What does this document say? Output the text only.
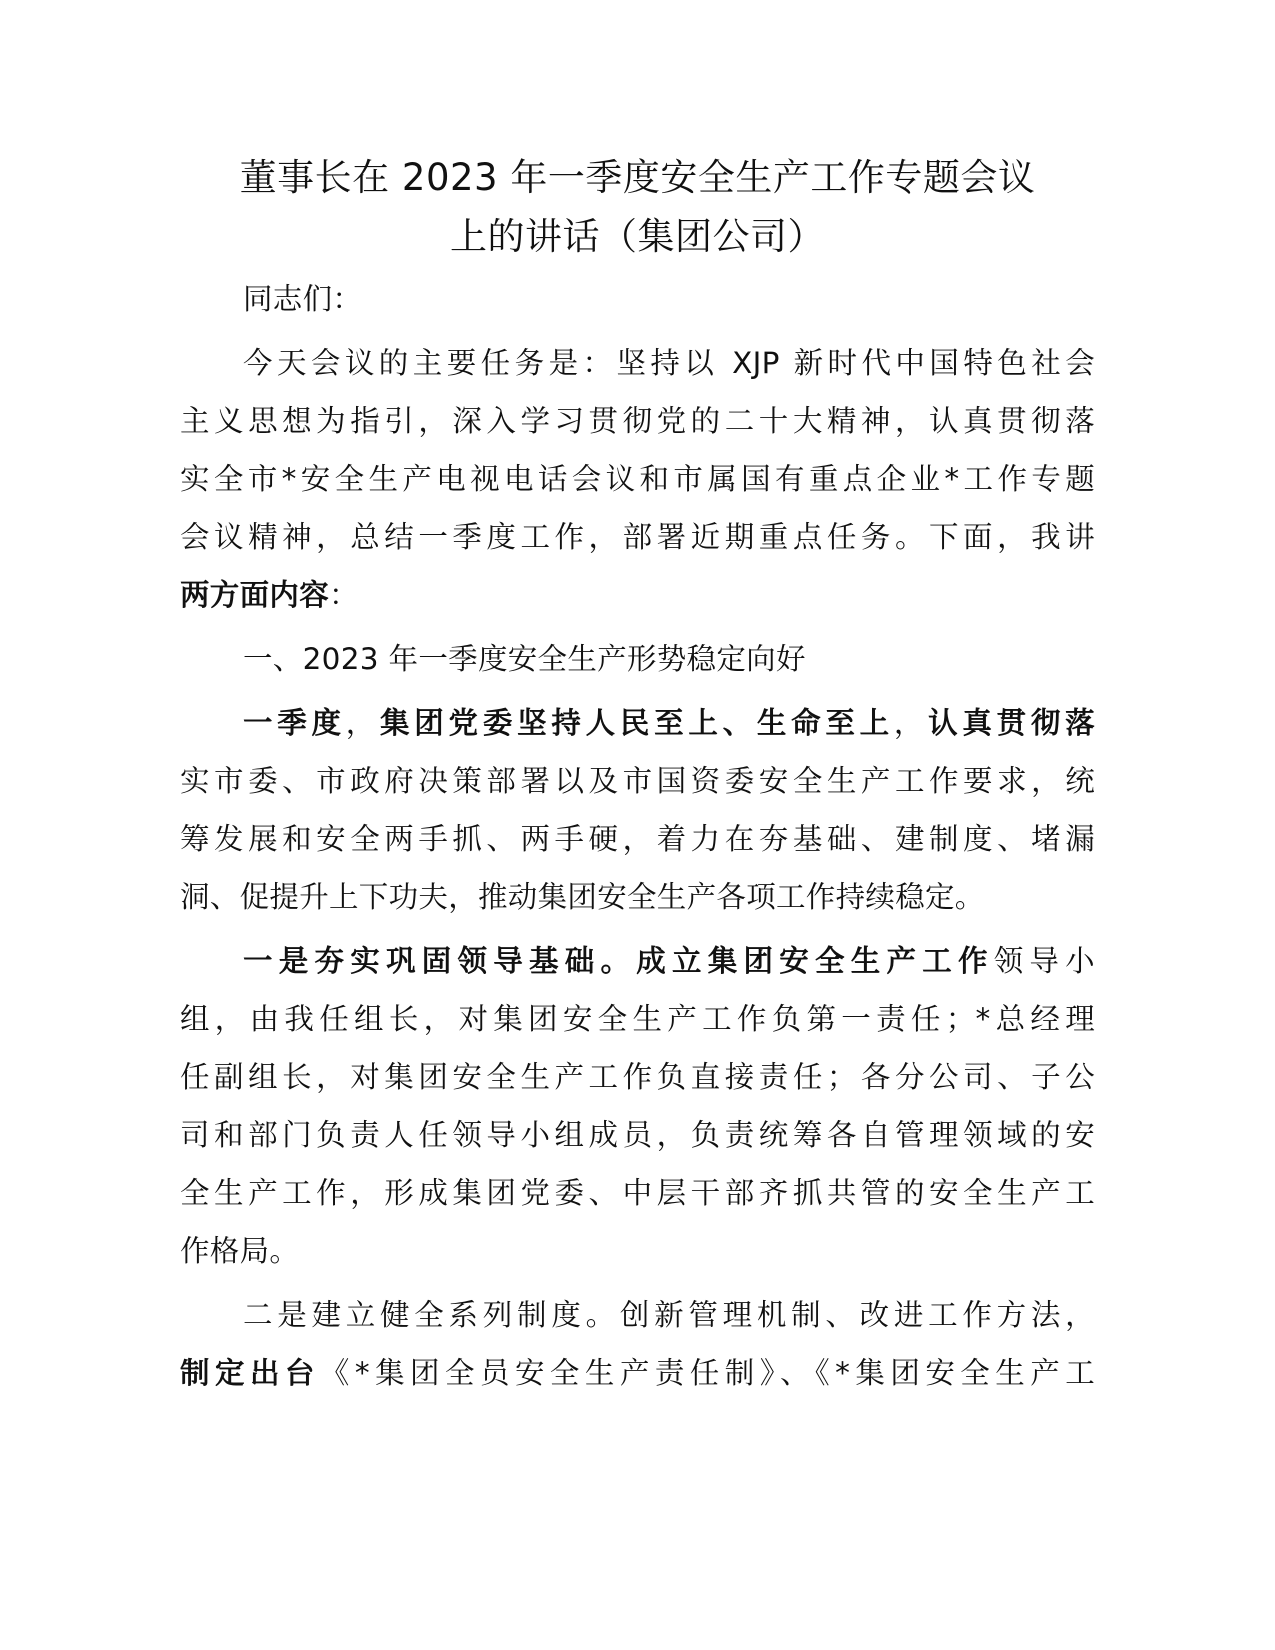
董事长在 2023 年一季度安全生产工作专题会议
上的讲话（集团公司）

同志们：

今天会议的主要任务是：坚持以 XJP 新时代中国特色社会
主义思想为指引，深入学习贯彻党的二十大精神，认真贯彻落
实全市*安全生产电视电话会议和市属国有重点企业*工作专题
会议精神，总结一季度工作，部署近期重点任务。下面，我讲
两方面内容：

一、2023 年一季度安全生产形势稳定向好

一季度，集团党委坚持人民至上、生命至上，认真贯彻落
实市委、市政府决策部署以及市国资委安全生产工作要求，统
筹发展和安全两手抓、两手硬，着力在夯基础、建制度、堵漏
洞、促提升上下功夫，推动集团安全生产各项工作持续稳定。

一是夯实巩固领导基础。成立集团安全生产工作领导小
组，由我任组长，对集团安全生产工作负第一责任；*总经理
任副组长，对集团安全生产工作负直接责任；各分公司、子公
司和部门负责人任领导小组成员，负责统筹各自管理领域的安
全生产工作，形成集团党委、中层干部齐抓共管的安全生产工
作格局。

二是建立健全系列制度。创新管理机制、改进工作方法，
制定出台《*集团全员安全生产责任制》、《*集团安全生产工
